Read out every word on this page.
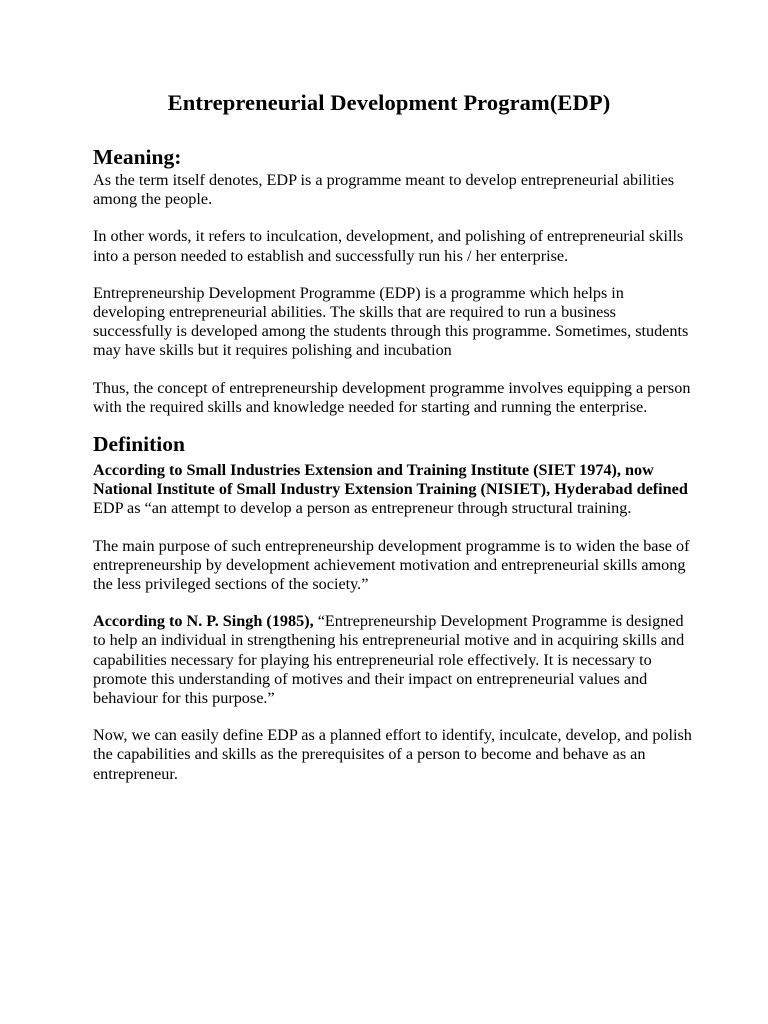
Entrepreneurial Development Program(EDP)
Meaning:

As the term itself denotes, EDP is a programme meant to develop entrepreneurial abilities among the people.

In other words, it refers to inculcation, development, and polishing of entrepreneurial skills into a person needed to establish and successfully run his / her enterprise.

Entrepreneurship Development Programme (EDP) is a programme which helps in developing entrepreneurial abilities. The skills that are required to run a business successfully is developed among the students through this programme. Sometimes, students may have skills but it requires polishing and incubation

Thus, the concept of entrepreneurship development programme involves equipping a person with the required skills and knowledge needed for starting and running the enterprise.

Definition

According to Small Industries Extension and Training Institute (SIET 1974), now National Institute of Small Industry Extension Training (NISIET), Hyderabad defined EDP as “an attempt to develop a person as entrepreneur through structural training.

The main purpose of such entrepreneurship development programme is to widen the base of entrepreneurship by development achievement motivation and entrepreneurial skills among the less privileged sections of the society.”

According to N. P. Singh (1985), “Entrepreneurship Development Programme is designed to help an individual in strengthening his entrepreneurial motive and in acquiring skills and capabilities necessary for playing his entrepreneurial role effectively. It is necessary to promote this understanding of motives and their impact on entrepreneurial values and behaviour for this purpose.”

Now, we can easily define EDP as a planned effort to identify, inculcate, develop, and polish the capabilities and skills as the prerequisites of a person to become and behave as an entrepreneur.
